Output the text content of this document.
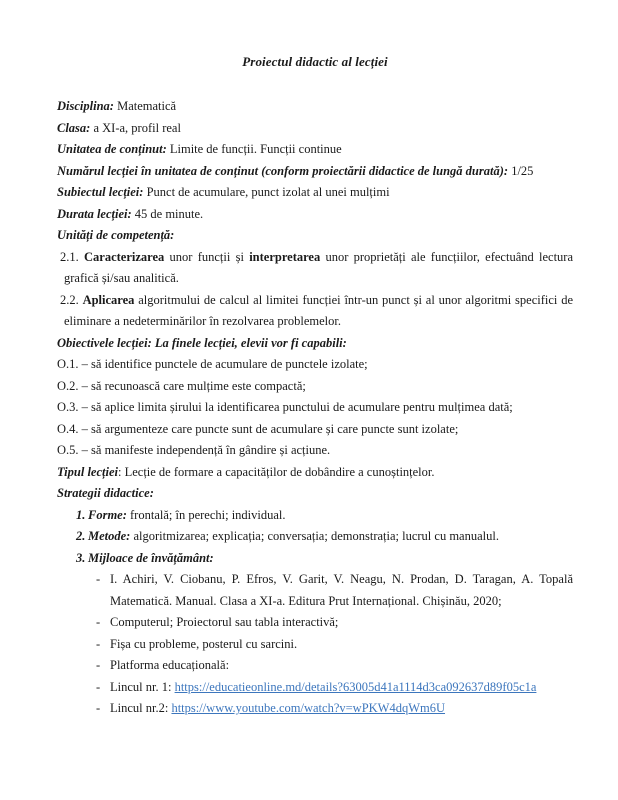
Proiectul didactic al lecției
Disciplina: Matematică
Clasa: a XI-a, profil real
Unitatea de conținut: Limite de funcții. Funcții continue
Numărul lecției în unitatea de conținut (conform proiectării didactice de lungă durată): 1/25
Subiectul lecției: Punct de acumulare, punct izolat al unei mulțimi
Durata lecției: 45 de minute.
Unități de competență:
2.1. Caracterizarea unor funcții și interpretarea unor proprietăți ale funcțiilor, efectuând lectura
grafică și/sau analitică.
2.2. Aplicarea algoritmului de calcul al limitei funcției într-un punct și al unor algoritmi specifici de
eliminare a nedeterminărilor în rezolvarea problemelor.
Obiectivele lecției: La finele lecției, elevii vor fi capabili:
O.1. – să identifice punctele de acumulare de punctele izolate;
O.2. – să recunoască care mulțime este compactă;
O.3. – să aplice limita șirului la identificarea punctului de acumulare pentru mulțimea dată;
O.4. – să argumenteze care puncte sunt de acumulare și care puncte sunt izolate;
O.5. – să manifeste independență în gândire și acțiune.
Tipul lecției: Lecție de formare a capacităților de dobândire a cunoștințelor.
Strategii didactice:
1. Forme: frontală; în perechi; individual.
2. Metode: algoritmizarea; explicația; conversația; demonstrația; lucrul cu manualul.
3. Mijloace de învățământ:
- I. Achiri, V. Ciobanu, P. Efros, V. Garit, V. Neagu, N. Prodan, D. Taragan, A. Topală
Matematică. Manual. Clasa a XI-a. Editura Prut Internațional. Chișinău, 2020;
- Computerul; Proiectorul sau tabla interactivă;
- Fișa cu probleme, posterul cu sarcini.
- Platforma educațională:
- Lincul nr. 1: https://educatieonline.md/details?63005d41a1114d3ca092637d89f05c1a
- Lincul nr.2: https://www.youtube.com/watch?v=wPKW4dqWm6U
